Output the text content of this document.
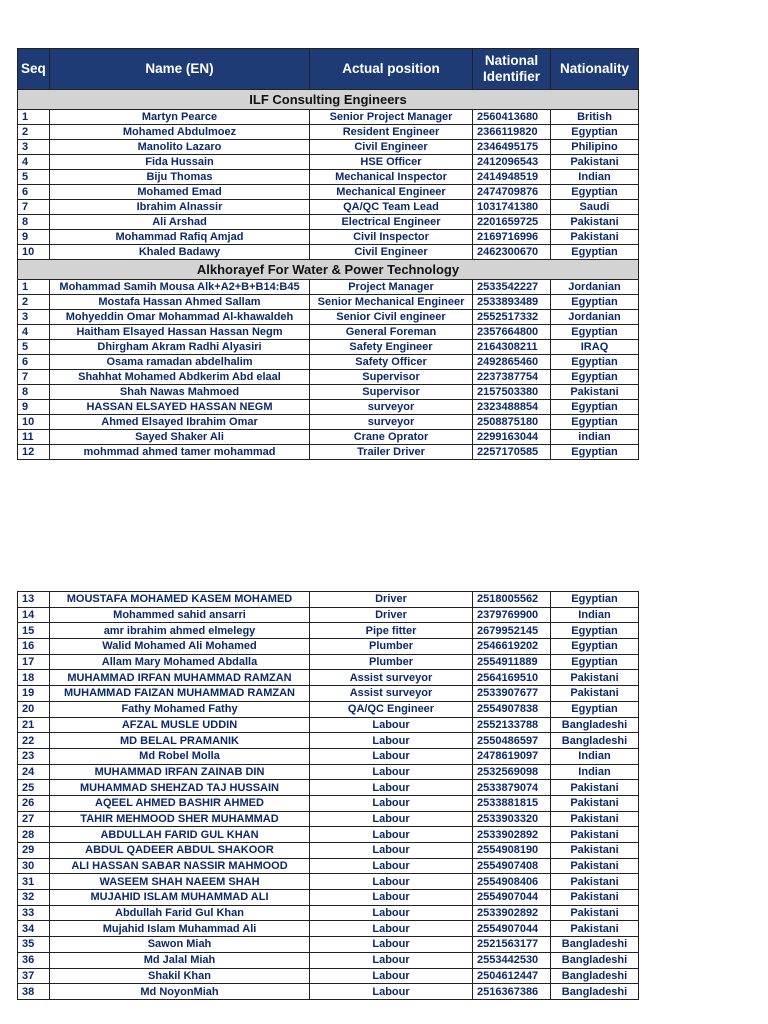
Seq	Name (EN)	Actual position	National Identifier	Nationality
ILF Consulting Engineers				
1	Martyn Pearce	Senior Project Manager	2560413680	British
2	Mohamed Abdulmoez	Resident Engineer	2366119820	Egyptian
3	Manolito Lazaro	Civil Engineer	2346495175	Philipino
4	Fida Hussain	HSE Officer	2412096543	Pakistani
5	Biju Thomas	Mechanical Inspector	2414948519	Indian
6	Mohamed Emad	Mechanical Engineer	2474709876	Egyptian
7	Ibrahim Alnassir	QA/QC Team Lead	1031741380	Saudi
8	Ali Arshad	Electrical Engineer	2201659725	Pakistani
9	Mohammad Rafiq Amjad	Civil Inspector	2169716996	Pakistani
10	Khaled Badawy	Civil Engineer	2462300670	Egyptian
Alkhorayef For Water & Power Technology				
1	Mohammad Samih Mousa Alk+A2+B+B14:B45	Project Manager	2533542227	Jordanian
2	Mostafa Hassan Ahmed Sallam	Senior Mechanical Engineer	2533893489	Egyptian
3	Mohyeddin Omar Mohammad Al-khawaldeh	Senior Civil engineer	2552517332	Jordanian
4	Haitham Elsayed Hassan Hassan Negm	General Foreman	2357664800	Egyptian
5	Dhirgham Akram Radhi Alyasiri	Safety Engineer	2164308211	IRAQ
6	Osama ramadan abdelhalim	Safety Officer	2492865460	Egyptian
7	Shahhat Mohamed Abdkerim Abd elaal	Supervisor	2237387754	Egyptian
8	Shah Nawas Mahmoed	Supervisor	2157503380	Pakistani
9	HASSAN ELSAYED HASSAN NEGM	surveyor	2323488854	Egyptian
10	Ahmed Elsayed Ibrahim Omar	surveyor	2508875180	Egyptian
11	Sayed Shaker Ali	Crane Oprator	2299163044	indian
12	mohmmad ahmed tamer mohammad	Trailer Driver	2257170585	Egyptian
13	MOUSTAFA MOHAMED KASEM MOHAMED	Driver	2518005562	Egyptian
14	Mohammed sahid ansarri	Driver	2379769900	Indian
15	amr ibrahim ahmed elmelegy	Pipe fitter	2679952145	Egyptian
16	Walid Mohamed Ali Mohamed	Plumber	2546619202	Egyptian
17	Allam Mary Mohamed Abdalla	Plumber	2554911889	Egyptian
18	MUHAMMAD IRFAN MUHAMMAD RAMZAN	Assist surveyor	2564169510	Pakistani
19	MUHAMMAD FAIZAN MUHAMMAD RAMZAN	Assist surveyor	2533907677	Pakistani
20	Fathy Mohamed Fathy	QA/QC Engineer	2554907838	Egyptian
21	AFZAL MUSLE UDDIN	Labour	2552133788	Bangladeshi
22	MD BELAL PRAMANIK	Labour	2550486597	Bangladeshi
23	Md Robel Molla	Labour	2478619097	Indian
24	MUHAMMAD IRFAN ZAINAB DIN	Labour	2532569098	Indian
25	MUHAMMAD SHEHZAD TAJ HUSSAIN	Labour	2533879074	Pakistani
26	AQEEL AHMED BASHIR AHMED	Labour	2533881815	Pakistani
27	TAHIR MEHMOOD SHER MUHAMMAD	Labour	2533903320	Pakistani
28	ABDULLAH FARID GUL KHAN	Labour	2533902892	Pakistani
29	ABDUL QADEER ABDUL SHAKOOR	Labour	2554908190	Pakistani
30	ALI HASSAN SABAR NASSIR MAHMOOD	Labour	2554907408	Pakistani
31	WASEEM SHAH NAEEM SHAH	Labour	2554908406	Pakistani
32	MUJAHID ISLAM MUHAMMAD ALI	Labour	2554907044	Pakistani
33	Abdullah Farid Gul Khan	Labour	2533902892	Pakistani
34	Mujahid Islam Muhammad Ali	Labour	2554907044	Pakistani
35	Sawon Miah	Labour	2521563177	Bangladeshi
36	Md Jalal Miah	Labour	2553442530	Bangladeshi
37	Shakil Khan	Labour	2504612447	Bangladeshi
38	Md NoyonMiah	Labour	2516367386	Bangladeshi
